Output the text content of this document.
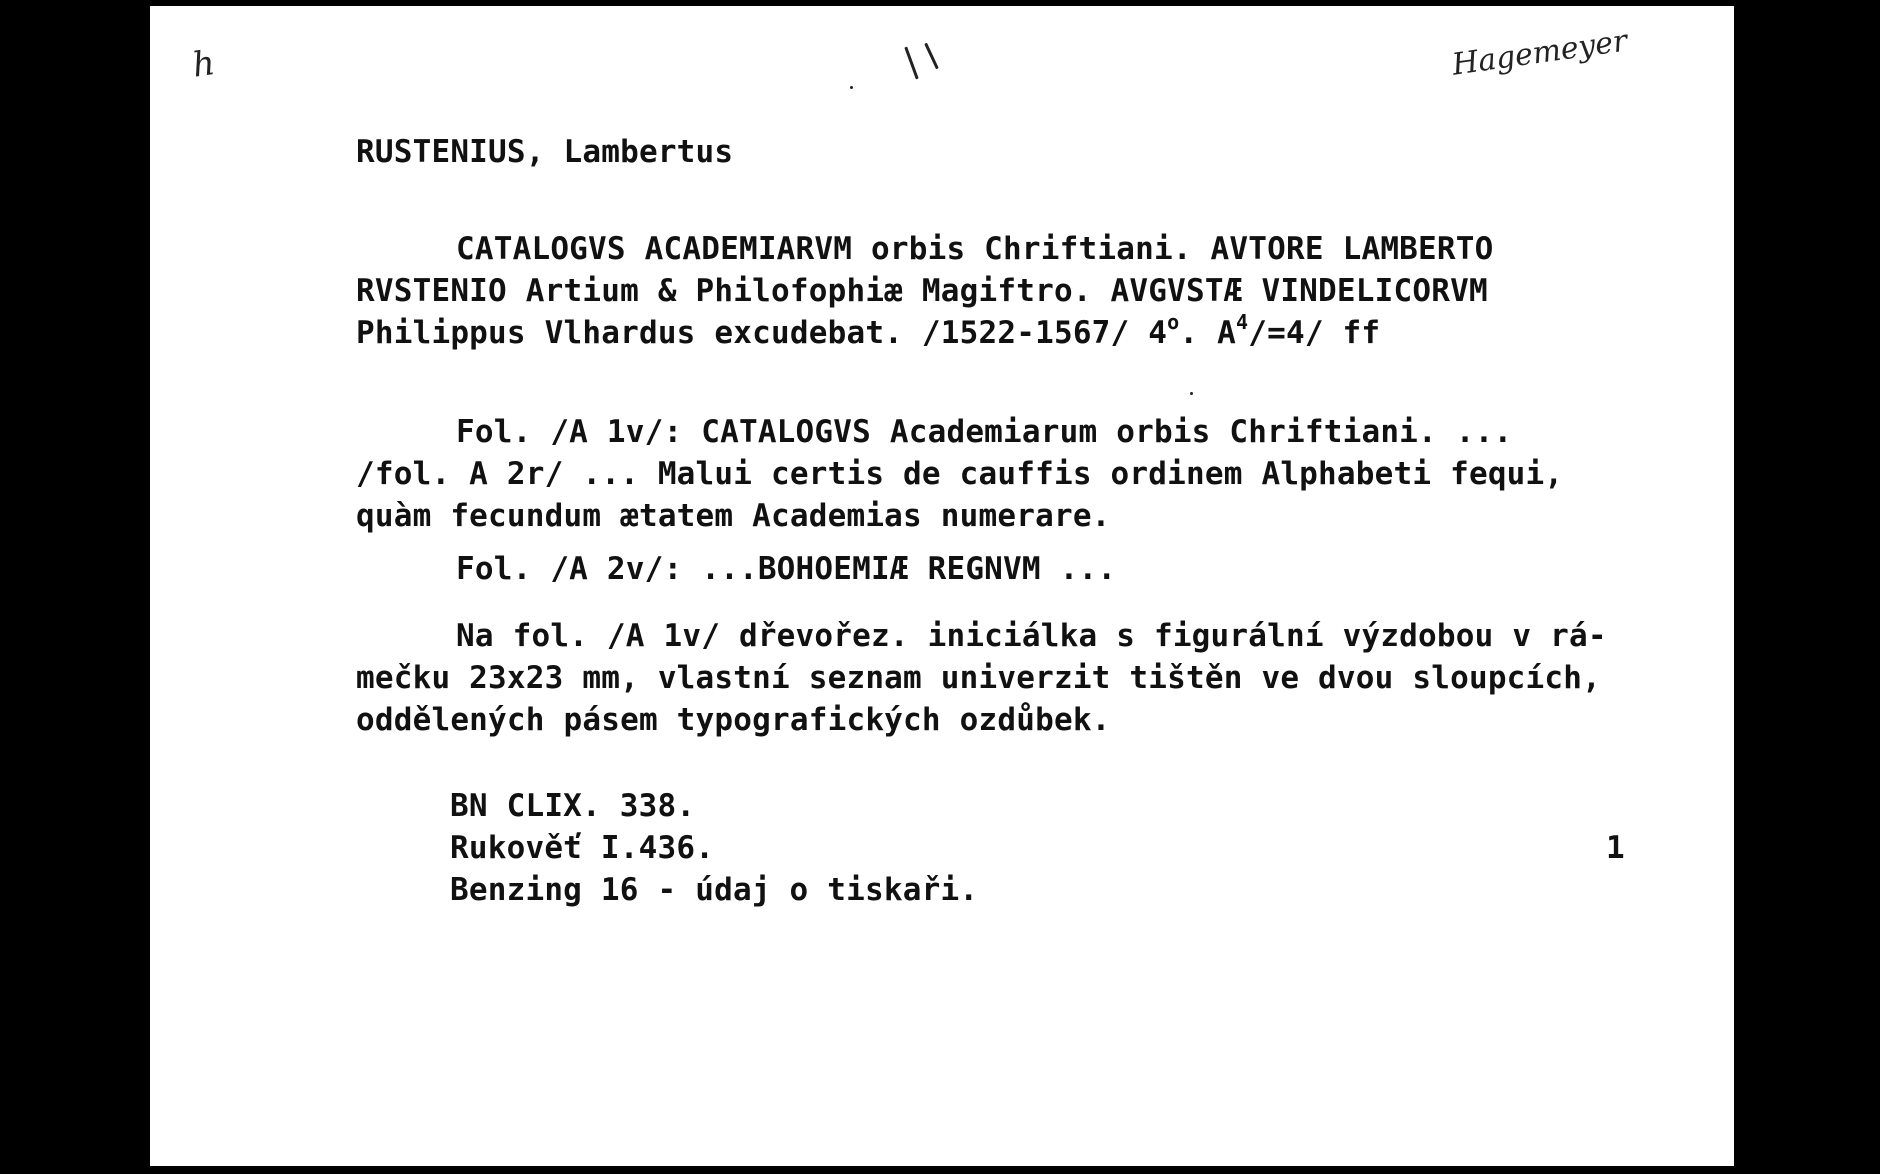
h	Hagemeyer
RUSTENIUS, Lambertus
CATALOGVS ACADEMIARVM orbis Chriftiani. AVTORE LAMBERTO
RVSTENIO Artium & Philofophiæ Magiftro. AVGVSTÆ VINDELICORVM
Philippus Vlhardus excudebat. /1522-1567/ 4$^o$. $A^4/=4/$ ff
Fol. /A 1v/: CATALOGVS Academiarum orbis Chriftiani. ...
/fol. A 2r/ ... Malui certis de cauffis ordinem Alphabeti fequi,
quàm fecundum ætatem Academias numerare.
Fol. /A 2v/: ...BOHOEMIÆ REGNVM ...
Na fol. /A 1v/ dřevořez. iniciálka s figurální výzdobou v rá-
mečku 23x23 mm, vlastní seznam univerzit tištěn ve dvou sloupcích,
oddělených pásem typografických ozdůbek.
BN CLIX. 338.
Rukověť I.436.
Benzing 16 - údaj o tiskaři.
1
